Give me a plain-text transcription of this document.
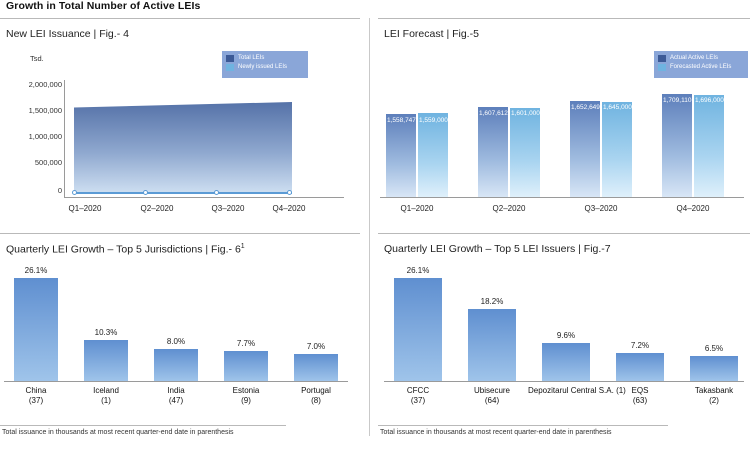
Growth in Total Number of Active LEIs
New LEI Issuance | Fig.- 4
Total LEIs
Newly issued LEIs
Tsd.
2,000,000
1,500,000
1,000,000
500,000
0
Q1–2020	Q2–2020	Q3–2020	Q4–2020
LEI Forecast | Fig.-5
Actual Active LEIs
Forecasted Active LEIs
1,558,747 1,559,000
1,607,612 1,601,000
1,652,649 1,645,000
1,709,110 1,696,000
Q1–2020	Q2–2020	Q3–2020	Q4–2020
Quarterly LEI Growth – Top 5 Jurisdictions | Fig.- $6^1$
26.1%
10.3%
8.0%	7.7%	7.0%
China
(37)
Iceland
(1)
India
(47)
Estonia
(9)
Portugal
(8)
Total issuance in thousands at most recent quarter-end date in parenthesis
Quarterly LEI Growth – Top 5 LEI Issuers | Fig.-7
26.1%
18.2%
9.6%
7.2%	6.5%
CFCC
(37)
Ubisecure
(64)
Depozitarul Central S.A. (1) EQS
(63)
Takasbank
(2)
Total issuance in thousands at most recent quarter-end date in parenthesis
